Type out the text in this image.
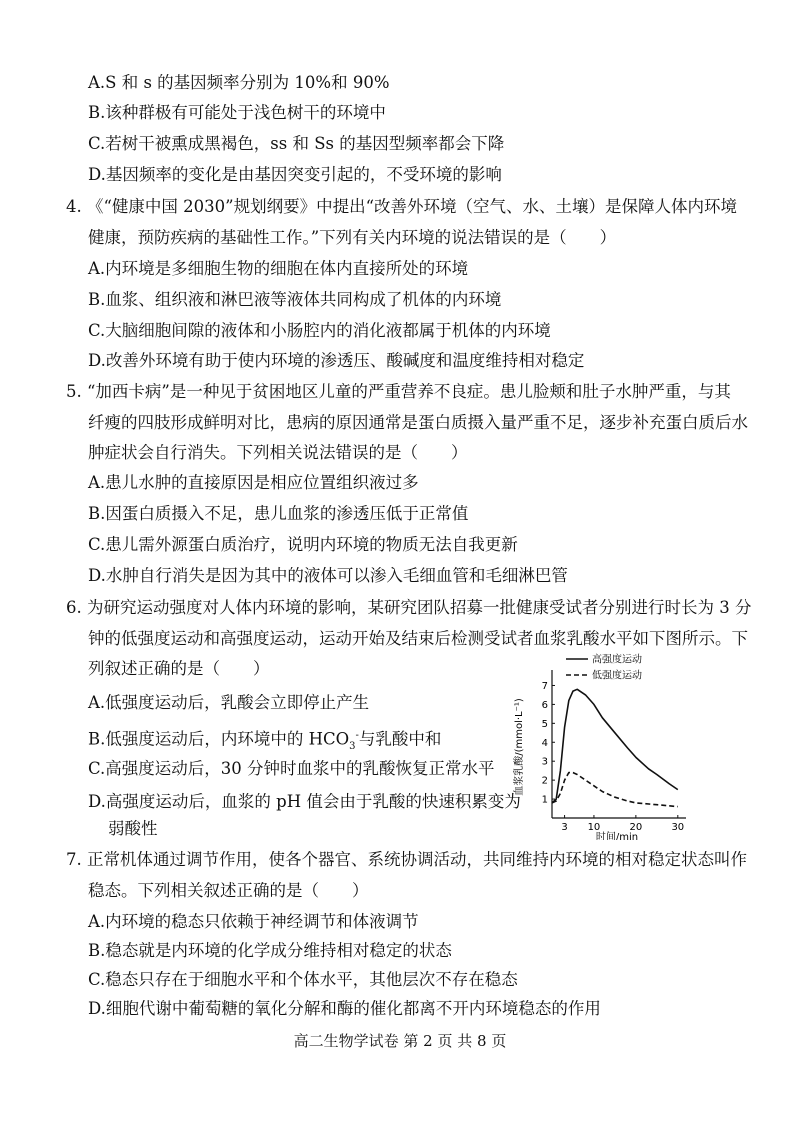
A.S 和 s 的基因频率分别为 10%和 90%
B.该种群极有可能处于浅色树干的环境中
C.若树干被熏成黑褐色，ss 和 Ss 的基因型频率都会下降
D.基因频率的变化是由基因突变引起的，不受环境的影响
4. 《“健康中国 2030”规划纲要》中提出“改善外环境（空气、水、土壤）是保障人体内环境
健康，预防疾病的基础性工作。”下列有关内环境的说法错误的是（　　）
A.内环境是多细胞生物的细胞在体内直接所处的环境
B.血浆、组织液和淋巴液等液体共同构成了机体的内环境
C.大脑细胞间隙的液体和小肠腔内的消化液都属于机体的内环境
D.改善外环境有助于使内环境的渗透压、酸碱度和温度维持相对稳定
5. “加西卡病”是一种见于贫困地区儿童的严重营养不良症。患儿脸颊和肚子水肿严重，与其
纤瘦的四肢形成鲜明对比，患病的原因通常是蛋白质摄入量严重不足，逐步补充蛋白质后水
肿症状会自行消失。下列相关说法错误的是（　　）
A.患儿水肿的直接原因是相应位置组织液过多
B.因蛋白质摄入不足，患儿血浆的渗透压低于正常值
C.患儿需外源蛋白质治疗，说明内环境的物质无法自我更新
D.水肿自行消失是因为其中的液体可以渗入毛细血管和毛细淋巴管
6. 为研究运动强度对人体内环境的影响，某研究团队招募一批健康受试者分别进行时长为 3 分
钟的低强度运动和高强度运动，运动开始及结束后检测受试者血浆乳酸水平如下图所示。下
列叙述正确的是（　　）
A.低强度运动后，乳酸会立即停止产生
B.低强度运动后，内环境中的 $HCO_3^-$与乳酸中和
C.高强度运动后，30 分钟时血浆中的乳酸恢复正常水平
D.高强度运动后，血浆的 pH 值会由于乳酸的快速积累变为
弱酸性	3 10	20	30
1
2
3
4
5
6
7
高强度运动
低强度运动
时间/min
血浆乳酸/(mmol·L⁻¹)
7. 正常机体通过调节作用，使各个器官、系统协调活动，共同维持内环境的相对稳定状态叫作
稳态。下列相关叙述正确的是（　　）
A.内环境的稳态只依赖于神经调节和体液调节
B.稳态就是内环境的化学成分维持相对稳定的状态
C.稳态只存在于细胞水平和个体水平，其他层次不存在稳态
D.细胞代谢中葡萄糖的氧化分解和酶的催化都离不开内环境稳态的作用
高二生物学试卷 第 2 页 共 8 页
